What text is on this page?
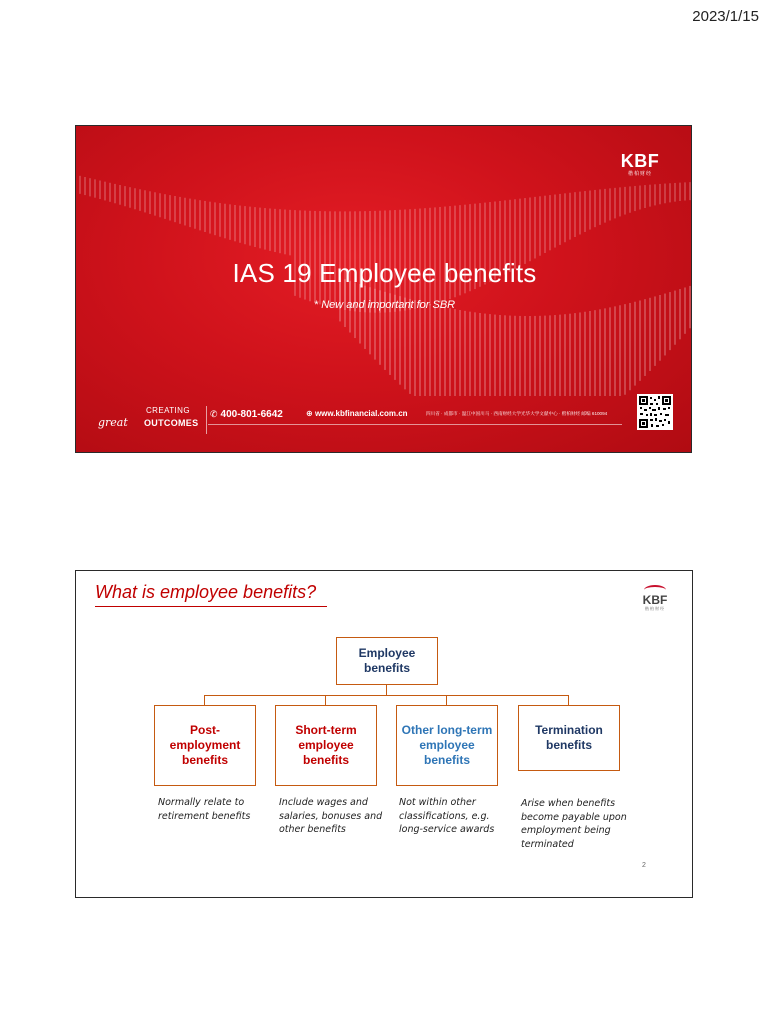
2023/1/15
KBF
楷柏财经
IAS 19 Employee benefits
* New and important for SBR
CREATING
great OUTCOMES
✆ 400-801-6642	⊕ www.kbfinancial.com.cn	四川省 · 成都市 · 温江中国川马 · 西南财经大学光华大学文献中心 · 楷柏财经 邮编 610094
What is employee benefits?	KBF
楷柏财经
Employee benefits
Post-employment benefits
Short-term employee benefits
Other long-term employee benefits
Termination benefits
Normally relate to retirement benefits
Include wages and salaries, bonuses and other benefits
Not within other classifications, e.g. long-service awards
Arise when benefits become payable upon employment being terminated
2
